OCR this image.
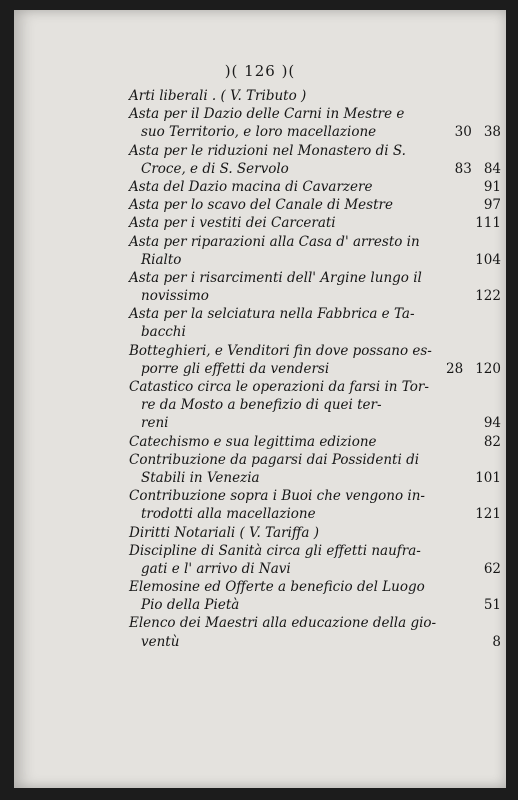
)( 126 )(
Arti liberali . ( V. Tributo )
Asta per il Dazio delle Carni in Mestre e
suo Territorio, e loro macellazione	30 38
Asta per le riduzioni nel Monastero di S.
Croce, e di S. Servolo	83 84
Asta del Dazio macina di Cavarzere	91
Asta per lo scavo del Canale di Mestre	97
Asta per i vestiti dei Carcerati	111
Asta per riparazioni alla Casa d' arresto in
Rialto	104
Asta per i risarcimenti dell' Argine lungo il
novissimo	122
Asta per la selciatura nella Fabbrica e Ta-
bacchi
Botteghieri, e Venditori fin dove possano es-
porre gli effetti da vendersi	28 120
Catastico circa le operazioni da farsi in Tor-
re da Mosto a benefizio di quei ter-
reni	94
Catechismo e sua legittima edizione	82
Contribuzione da pagarsi dai Possidenti di
Stabili in Venezia	101
Contribuzione sopra i Buoi che vengono in-
trodotti alla macellazione	121
Diritti Notariali ( V. Tariffa )
Discipline di Sanità circa gli effetti naufra-
gati e l' arrivo di Navi	62
Elemosine ed Offerte a beneficio del Luogo
Pio della Pietà	51
Elenco dei Maestri alla educazione della gio-
ventù	8
